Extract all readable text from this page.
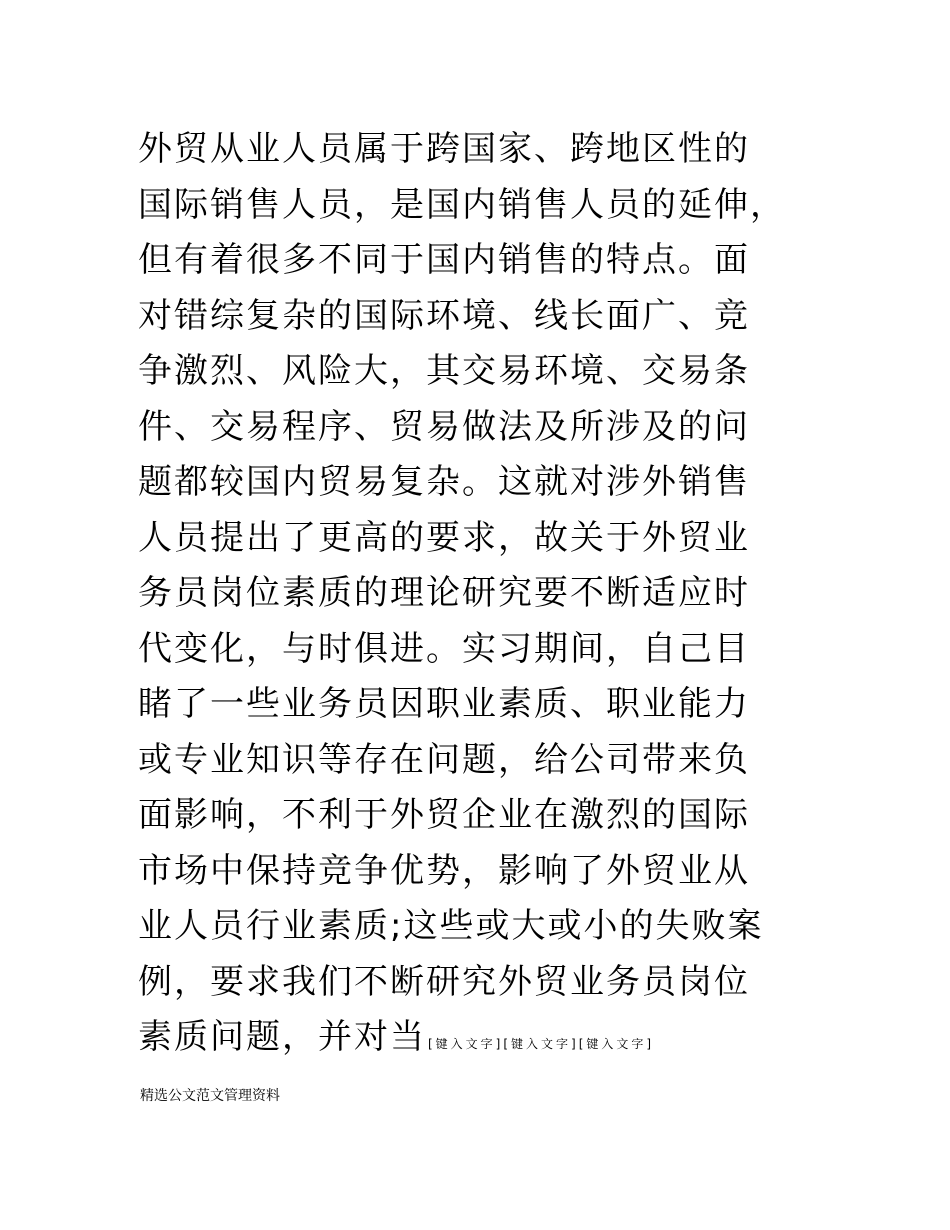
外贸从业人员属于跨国家、跨地区性的
国际销售人员，是国内销售人员的延伸，
但有着很多不同于国内销售的特点。面
对错综复杂的国际环境、线长面广、竞
争激烈、风险大，其交易环境、交易条
件、交易程序、贸易做法及所涉及的问
题都较国内贸易复杂。这就对涉外销售
人员提出了更高的要求，故关于外贸业
务员岗位素质的理论研究要不断适应时
代变化，与时俱进。实习期间，自己目
睹了一些业务员因职业素质、职业能力
或专业知识等存在问题，给公司带来负
面影响，不利于外贸企业在激烈的国际
市场中保持竞争优势，影响了外贸业从
业人员行业素质;这些或大或小的失败案
例，要求我们不断研究外贸业务员岗位
素质问题，并对当 [键入文字][键入文字][键入文字]
精选公文范文管理资料
